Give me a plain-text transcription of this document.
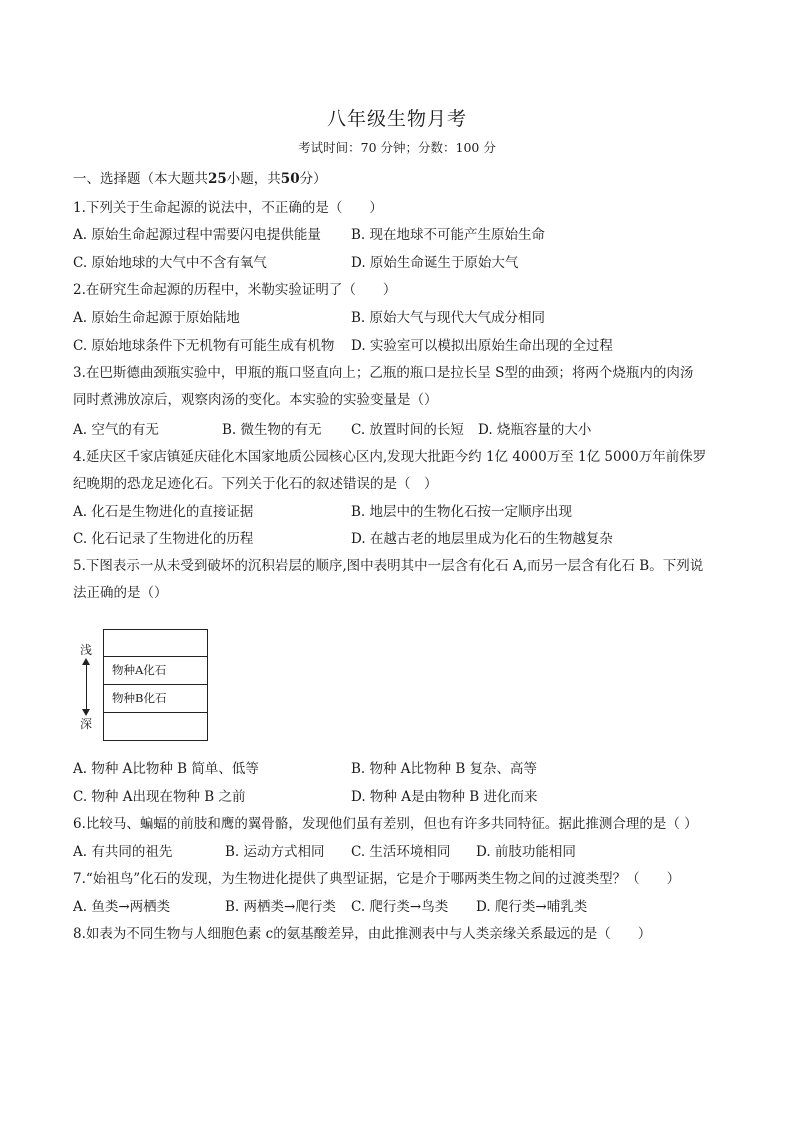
八年级生物月考
考试时间：70 分钟；分数：100 分
一、选择题（本大题共25小题，共50分）
1.下列关于生命起源的说法中，不正确的是（　　）
A. 原始生命起源过程中需要闪电提供能量 B. 现在地球不可能产生原始生命
C. 原始地球的大气中不含有氧气	D. 原始生命诞生于原始大气
2.在研究生命起源的历程中，米勒实验证明了（　　）
A. 原始生命起源于原始陆地	B. 原始大气与现代大气成分相同
C. 原始地球条件下无机物有可能生成有机物 D. 实验室可以模拟出原始生命出现的全过程
3.在巴斯德曲颈瓶实验中，甲瓶的瓶口竖直向上；乙瓶的瓶口是拉长呈 S型的曲颈；将两个烧瓶内的肉汤
同时煮沸放凉后，观察肉汤的变化。本实验的实验变量是（）
A. 空气的有无	B. 微生物的有无 C. 放置时间的长短 D. 烧瓶容量的大小
4.延庆区千家店镇延庆硅化木国家地质公园核心区内,发现大批距今约 1亿 4000万至 1亿 5000万年前侏罗
纪晚期的恐龙足迹化石。下列关于化石的叙述错误的是（　）
A. 化石是生物进化的直接证据	B. 地层中的生物化石按一定顺序出现
C. 化石记录了生物进化的历程	D. 在越古老的地层里成为化石的生物越复杂
5.下图表示一从未受到破坏的沉积岩层的顺序,图中表明其中一层含有化石 A,而另一层含有化石 B。下列说
法正确的是（）
浅
深
物种A化石
物种B化石
A. 物种 A比物种 B 简单、低等	B. 物种 A比物种 B 复杂、高等
C. 物种 A出现在物种 B 之前	D. 物种 A是由物种 B 进化而来
6.比较马、蝙蝠的前肢和鹰的翼骨骼，发现他们虽有差别，但也有许多共同特征。据此推测合理的是（ ）
A. 有共同的祖先	B. 运动方式相同 C. 生活环境相同 D. 前肢功能相同
7.“始祖鸟”化石的发现，为生物进化提供了典型证据，它是介于哪两类生物之间的过渡类型？（　　）
A. 鱼类→两栖类	B. 两栖类→爬行类 C. 爬行类→鸟类 D. 爬行类→哺乳类
8.如表为不同生物与人细胞色素 c的氨基酸差异，由此推测表中与人类亲缘关系最远的是（　　）
